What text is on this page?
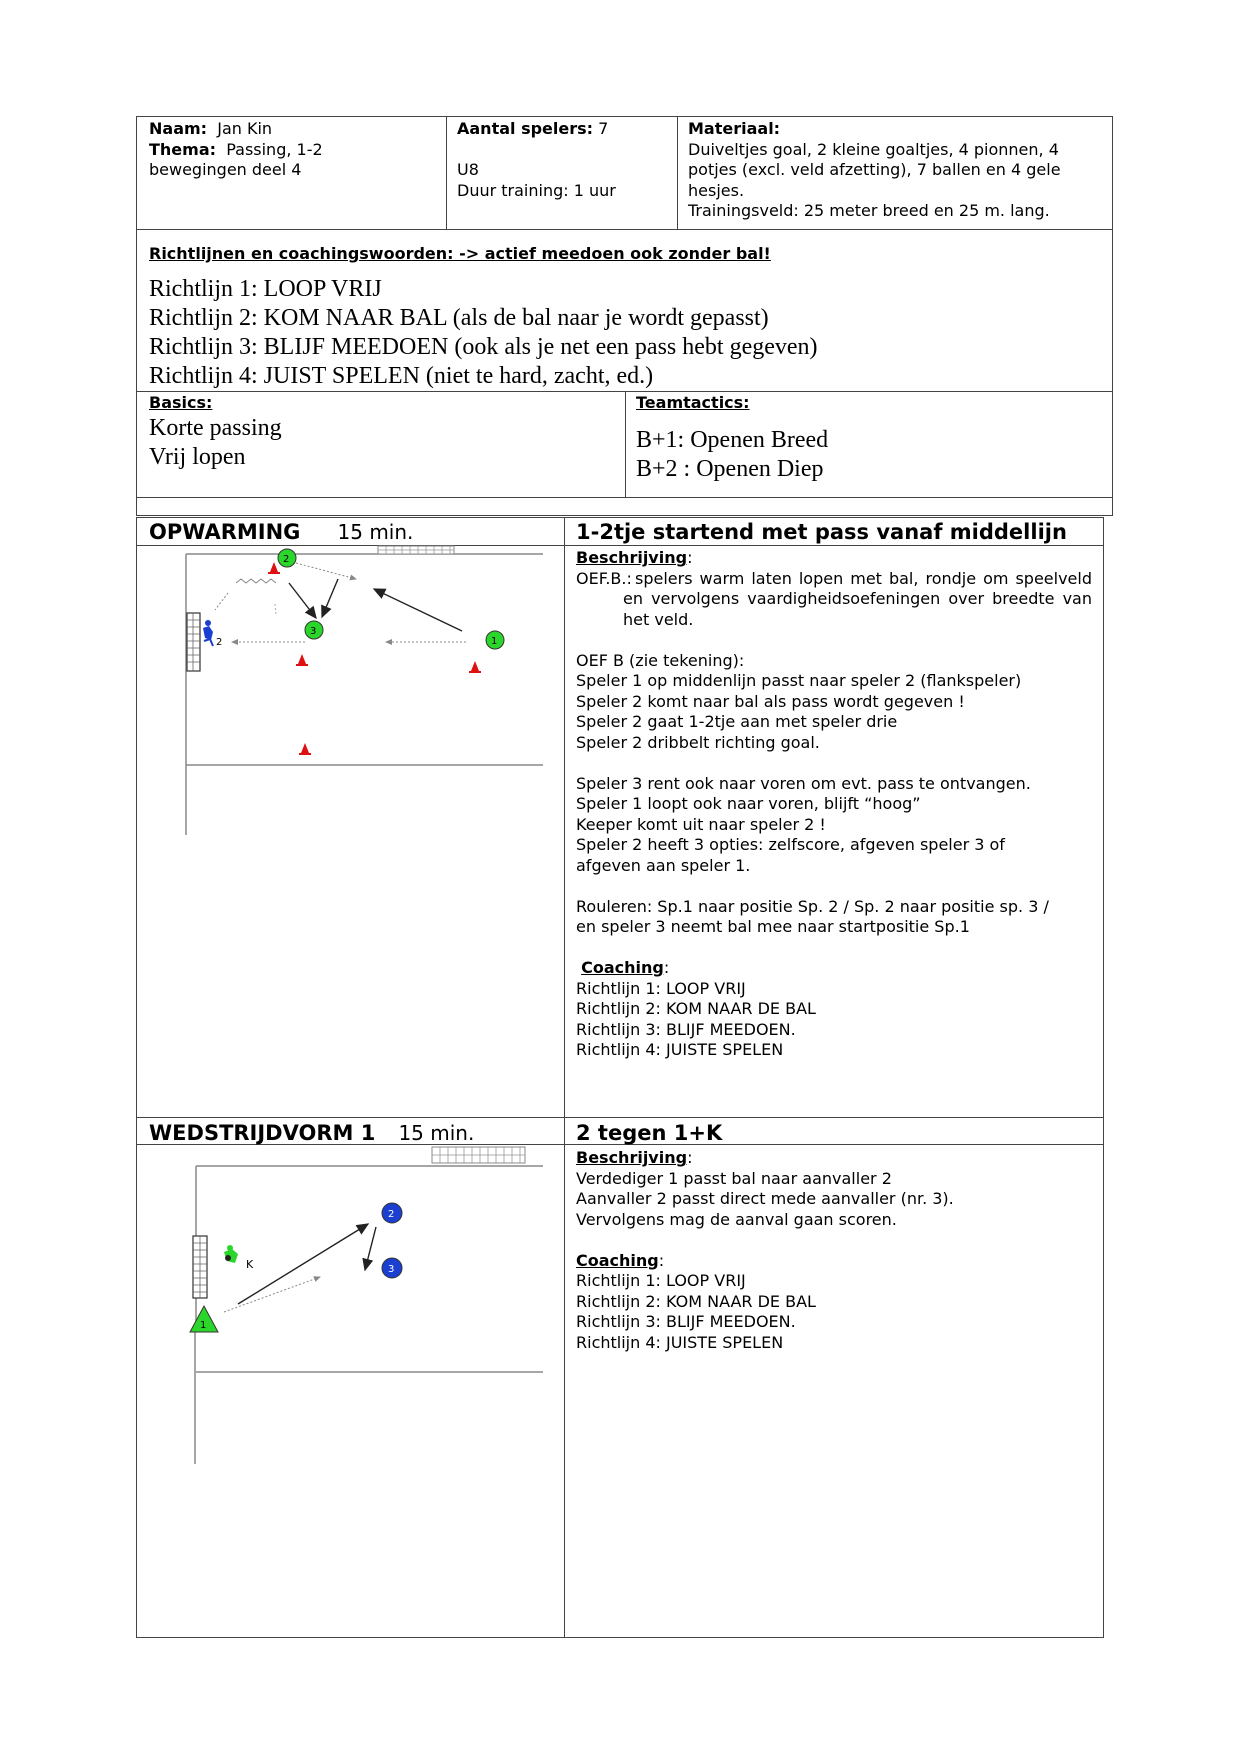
Naam: Jan Kin

Thema: Passing, 1-2

bewegingen deel 4

Aantal spelers: 7

U8

Duur training: 1 uur

Materiaal:

Duiveltjes goal, 2 kleine goaltjes, 4 pionnen, 4

potjes (excl. veld afzetting), 7 ballen en 4 gele

hesjes.

Trainingsveld: 25 meter breed en 25 m. lang.

Richtlijnen en coachingswoorden: -> actief meedoen ook zonder bal!

Richtlijn 1: LOOP VRIJ

Richtlijn 2: KOM NAAR BAL (als de bal naar je wordt gepasst)

Richtlijn 3: BLIJF MEEDOEN (ook als je net een pass hebt gegeven)

Richtlijn 4: JUIST SPELEN (niet te hard, zacht, ed.)

Basics:

Korte passing

Vrij lopen

Teamtactics:

B+1: Openen Breed

B+2 : Openen Diep

OPWARMING 15 min.	1-2tje startend met pass vanaf middellijn

Beschrijving:

OEF.B.: spelers warm laten lopen met bal, rondje om speelveld en vervolgens vaardigheidsoefeningen over breedte van het veld.

OEF B (zie tekening):

Speler 1 op middenlijn passt naar speler 2 (flankspeler)

Speler 2 komt naar bal als pass wordt gegeven !

Speler 2 gaat 1-2tje aan met speler drie

Speler 2 dribbelt richting goal.

Speler 3 rent ook naar voren om evt. pass te ontvangen.

Speler 1 loopt ook naar voren, blijft “hoog”

Keeper komt uit naar speler 2 !

Speler 2 heeft 3 opties: zelfscore, afgeven speler 3 of

afgeven aan speler 1.

Rouleren: Sp.1 naar positie Sp. 2 / Sp. 2 naar positie sp. 3 /

en speler 3 neemt bal mee naar startpositie Sp.1

Coaching:

Richtlijn 1: LOOP VRIJ

Richtlijn 2: KOM NAAR DE BAL

Richtlijn 3: BLIJF MEEDOEN.

Richtlijn 4: JUISTE SPELEN

2
2
3
1
WEDSTRIJDVORM 1 15 min.	2 tegen 1+K

Beschrijving:

Verdediger 1 passt bal naar aanvaller 2

Aanvaller 2 passt direct mede aanvaller (nr. 3).

Vervolgens mag de aanval gaan scoren.

Coaching:

Richtlijn 1: LOOP VRIJ

Richtlijn 2: KOM NAAR DE BAL

Richtlijn 3: BLIJF MEEDOEN.

Richtlijn 4: JUISTE SPELEN

K
1
2
3
